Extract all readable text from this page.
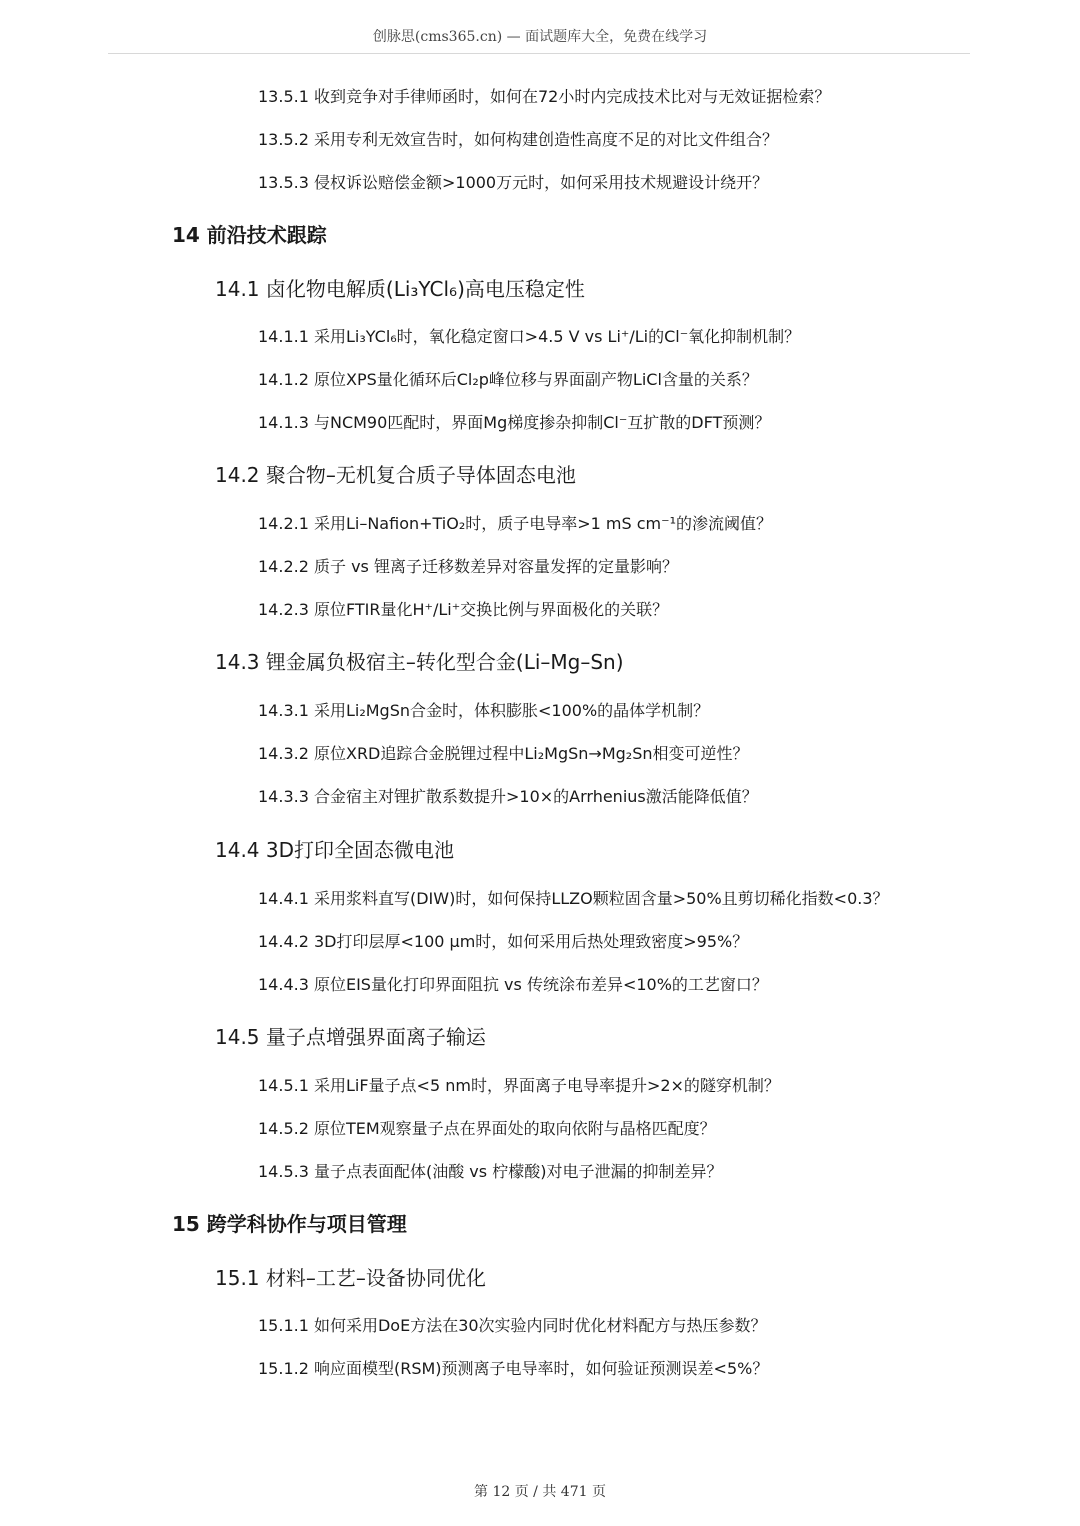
创脉思(cms365.cn) — 面试题库大全，免费在线学习
13.5.1 收到竞争对手律师函时，如何在72小时内完成技术比对与无效证据检索？
13.5.2 采用专利无效宣告时，如何构建创造性高度不足的对比文件组合？
13.5.3 侵权诉讼赔偿金额>1000万元时，如何采用技术规避设计绕开？
14 前沿技术跟踪
14.1 卤化物电解质(Li₃YCl₆)高电压稳定性
14.1.1 采用Li₃YCl₆时，氧化稳定窗口>4.5 V vs Li⁺/Li的Cl⁻氧化抑制机制？
14.1.2 原位XPS量化循环后Cl₂p峰位移与界面副产物LiCl含量的关系？
14.1.3 与NCM90匹配时，界面Mg梯度掺杂抑制Cl⁻互扩散的DFT预测？
14.2 聚合物–无机复合质子导体固态电池
14.2.1 采用Li–Nafion+TiO₂时，质子电导率>1 mS cm⁻¹的渗流阈值？
14.2.2 质子 vs 锂离子迁移数差异对容量发挥的定量影响？
14.2.3 原位FTIR量化H⁺/Li⁺交换比例与界面极化的关联？
14.3 锂金属负极宿主–转化型合金(Li–Mg–Sn)
14.3.1 采用Li₂MgSn合金时，体积膨胀<100%的晶体学机制？
14.3.2 原位XRD追踪合金脱锂过程中Li₂MgSn→Mg₂Sn相变可逆性？
14.3.3 合金宿主对锂扩散系数提升>10×的Arrhenius激活能降低值？
14.4 3D打印全固态微电池
14.4.1 采用浆料直写(DIW)时，如何保持LLZO颗粒固含量>50%且剪切稀化指数<0.3？
14.4.2 3D打印层厚<100 μm时，如何采用后热处理致密度>95%？
14.4.3 原位EIS量化打印界面阻抗 vs 传统涂布差异<10%的工艺窗口？
14.5 量子点增强界面离子输运
14.5.1 采用LiF量子点<5 nm时，界面离子电导率提升>2×的隧穿机制？
14.5.2 原位TEM观察量子点在界面处的取向依附与晶格匹配度？
14.5.3 量子点表面配体(油酸 vs 柠檬酸)对电子泄漏的抑制差异？
15 跨学科协作与项目管理
15.1 材料–工艺–设备协同优化
15.1.1 如何采用DoE方法在30次实验内同时优化材料配方与热压参数？
15.1.2 响应面模型(RSM)预测离子电导率时，如何验证预测误差<5%？
第 12 页 / 共 471 页
